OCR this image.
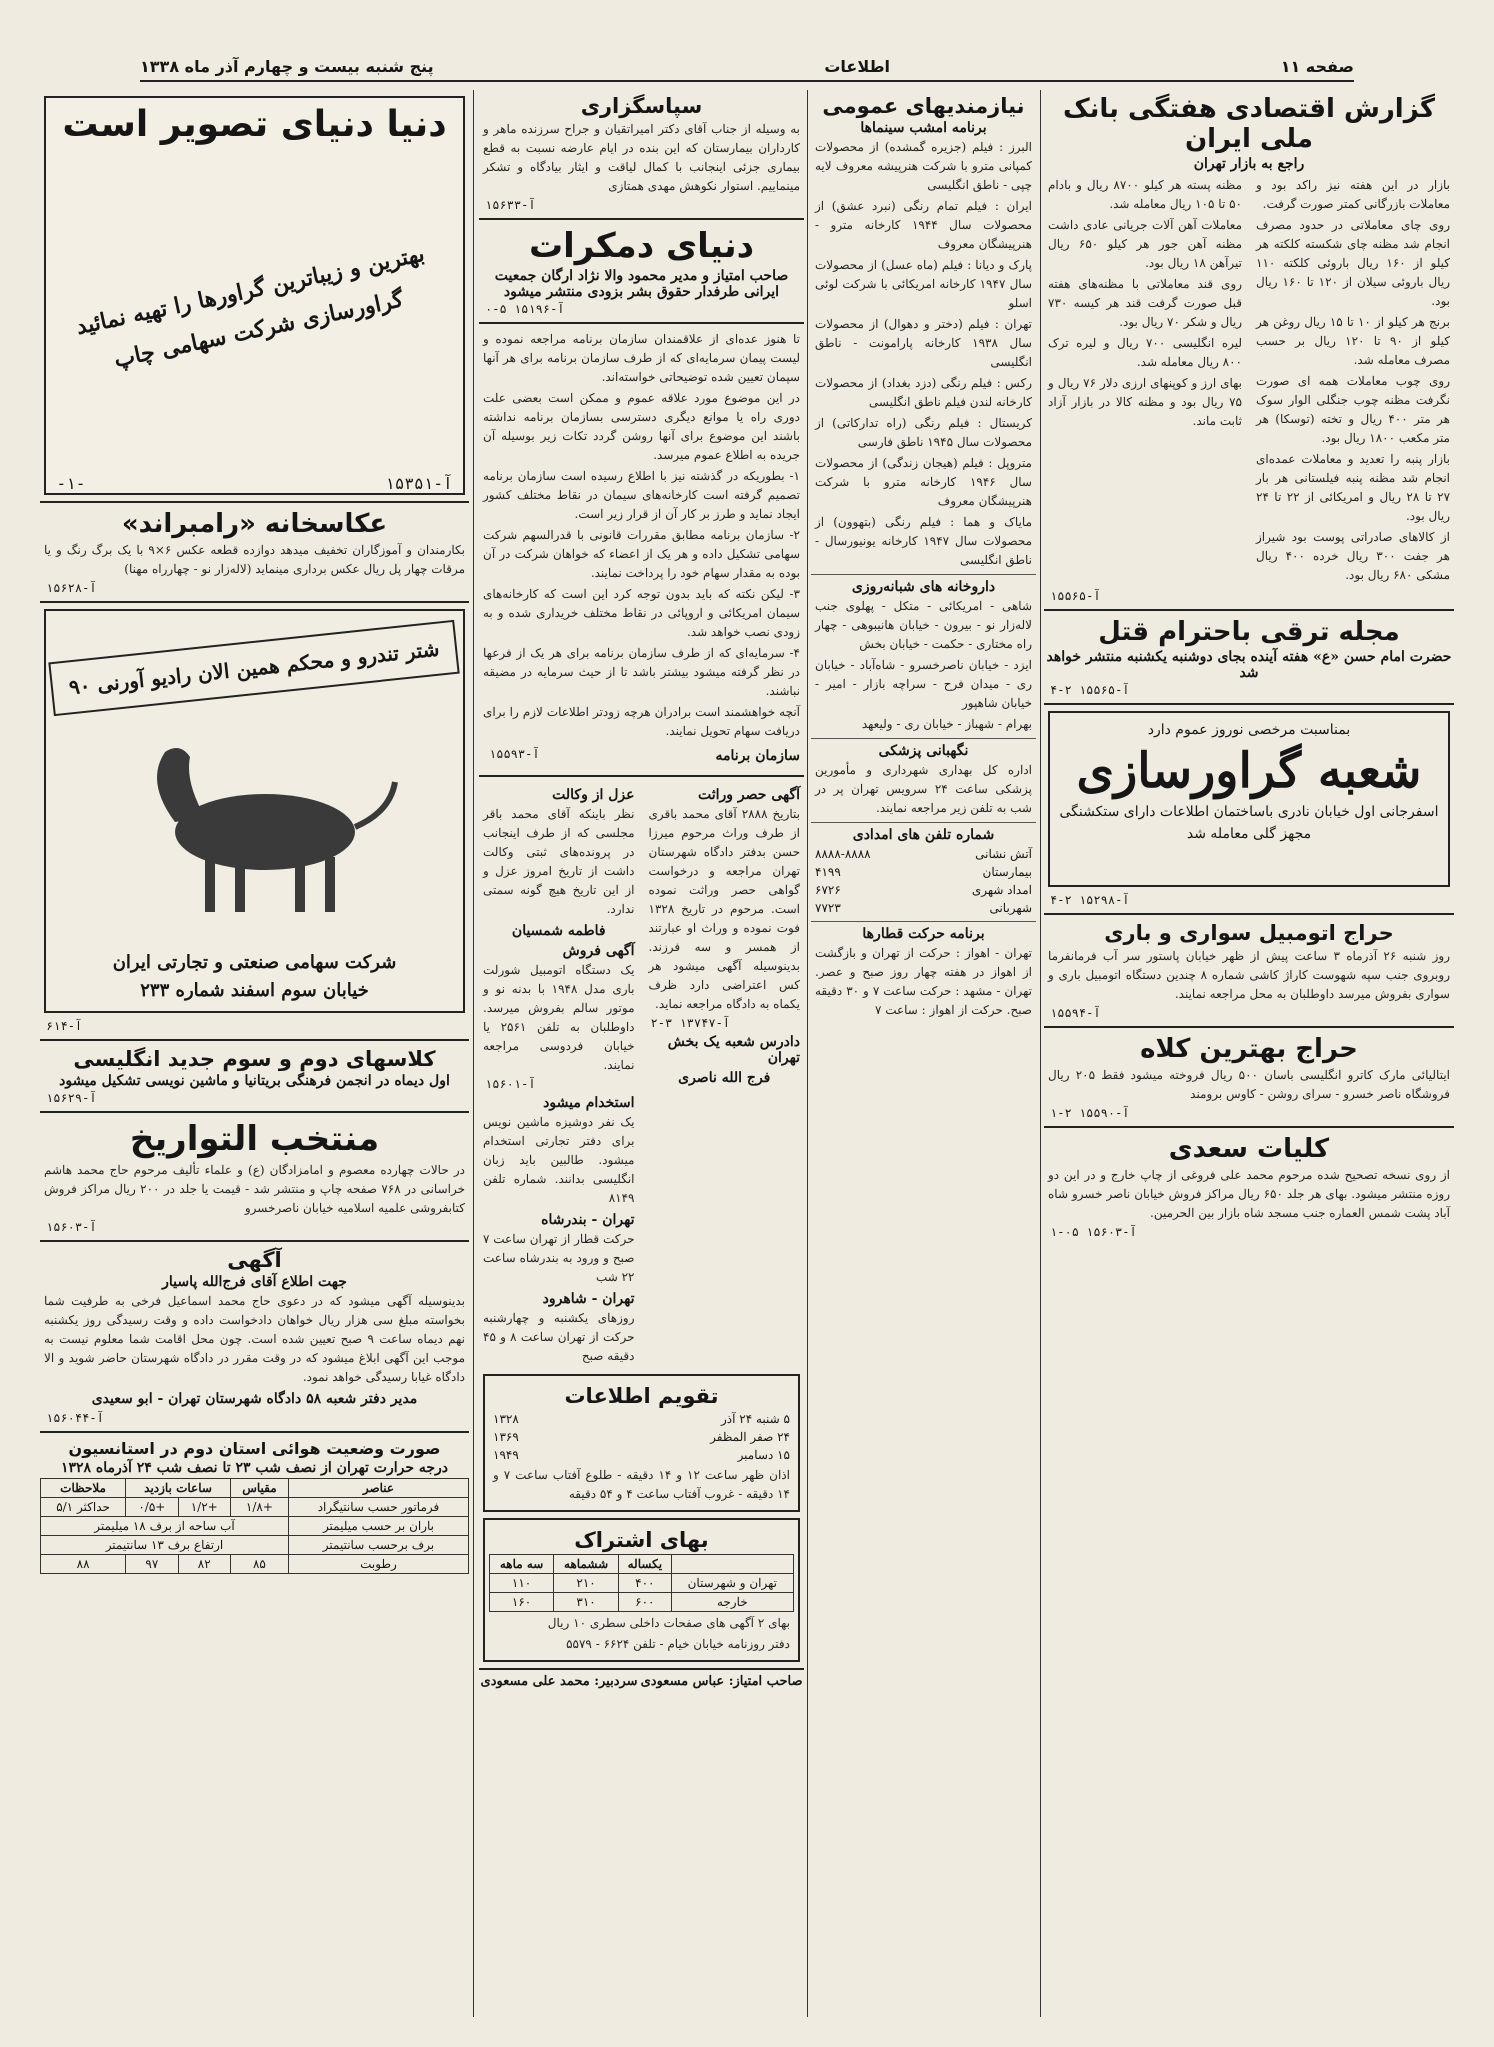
صفحه ۱۱
اطلاعات
پنج شنبه بیست و چهارم آذر ماه ۱۳۳۸
گزارش اقتصادی هفتگی بانک ملی ایران
راجع به بازار تهران

بازار در این هفته نیز راکد بود و معاملات بازرگانی کمتر صورت گرفت.

روی چای معاملاتی در حدود مصرف انجام شد مظنه چای شکسته کلکته هر کیلو از ۱۶۰ ریال باروئی کلکته ۱۱۰ ریال باروئی سیلان از ۱۲۰ تا ۱۶۰ ریال بود.

برنج هر کیلو از ۱۰ تا ۱۵ ریال روغن هر کیلو از ۹۰ تا ۱۲۰ ریال بر حسب مصرف معامله شد.

روی چوب معاملات همه ای صورت نگرفت مظنه چوب جنگلی الوار سوک هر متر ۴۰۰ ریال و تخته (توسکا) هر متر مکعب ۱۸۰۰ ریال بود.

بازار پنبه را تعدید و معاملات عمده‌ای انجام شد مظنه پنبه فیلستانی هر بار ۲۷ تا ۲۸ ریال و امریکائی از ۲۲ تا ۲۴ ریال بود.

از کالاهای صادراتی پوست بود شیراز هر جفت ۳۰۰ ریال خرده ۴۰۰ ریال مشکی ۶۸۰ ریال بود.

مظنه پسته هر کیلو ۸۷۰۰ ریال و بادام ۵۰ تا ۱۰۵ ریال معامله شد.

معاملات آهن آلات جریانی عادی داشت مظنه آهن جور هر کیلو ۶۵۰ ریال تیرآهن ۱۸ ریال بود.

روی قند معاملاتی با مظنه‌های هفته قبل صورت گرفت قند هر کیسه ۷۳۰ ریال و شکر ۷۰ ریال بود.

لیره انگلیسی ۷۰۰ ریال و لیره ترک ۸۰۰ ریال معامله شد.

بهای ارز و کوپنهای ارزی دلار ۷۶ ریال و ۷۵ ریال بود و مظنه کالا در بازار آزاد ثابت ماند.

آ-۱۵۵۶۵
مجله ترقی باحترام قتل
حضرت امام حسن «ع» هفته آینده بجای دوشنبه یکشنبه منتشر خواهد شد
آ-۱۵۵۶۵ ۲-۴
بمناسبت مرخصی نوروز عموم دارد
شعبه گراورسازی
اسفرجانی اول خیابان نادری باساختمان اطلاعات دارای ستکشنگی مجهز گلی معامله شد
آ-۱۵۲۹۸ ۲-۴
حراج اتومبیل سواری و باری

روز شنبه ۲۶ آذرماه ۳ ساعت پیش از ظهر خیابان پاستور سر آب فرمانفرما روبروی جنب سپه شهوست کاراژ کاشی شماره ۸ چندین دستگاه اتومبیل باری و سواری بفروش میرسد داوطلبان به محل مراجعه نمایند.

آ-۱۵۵۹۴
حراج بهترین کلاه

ایتالیائی مارک کاترو انگلیسی باسان ۵۰۰ ریال فروخته میشود فقط ۲۰۵ ریال فروشگاه ناصر خسرو - سرای روشن - کاوس برومند

آ-۱۵۵۹۰ ۲-۱
کلیات سعدی

از روی نسخه تصحیح شده مرحوم محمد علی فروغی از چاپ خارج و در این دو روزه منتشر میشود. بهای هر جلد ۶۵۰ ریال مراکز فروش خیابان ناصر خسرو شاه آباد پشت شمس العماره جنب مسجد شاه بازار بین الحرمین.

آ-۱۵۶۰۳ ۰۵-۱
نیازمندیهای عمومی
برنامه امشب سینماها

البرز : فیلم (جزیره گمشده) از محصولات کمپانی مترو با شرکت هنرپیشه معروف لایه چپی - ناطق انگلیسی

ایران : فیلم تمام رنگی (نبرد عشق) از محصولات سال ۱۹۴۴ کارخانه مترو - هنرپیشگان معروف

پارک و دیانا : فیلم (ماه عسل) از محصولات سال ۱۹۴۷ کارخانه امریکائی با شرکت لوئی اسلو

تهران : فیلم (دختر و دهوال) از محصولات سال ۱۹۳۸ کارخانه پارامونت - ناطق انگلیسی

رکس : فیلم رنگی (دزد بغداد) از محصولات کارخانه لندن فیلم ناطق انگلیسی

کریستال : فیلم رنگی (راه تدارکاتی) از محصولات سال ۱۹۴۵ ناطق فارسی

متروپل : فیلم (هیجان زندگی) از محصولات سال ۱۹۴۶ کارخانه مترو با شرکت هنرپیشگان معروف

مایاک و هما : فیلم رنگی (بتهوون) از محصولات سال ۱۹۴۷ کارخانه یونیورسال - ناطق انگلیسی

داروخانه های شبانه‌روزی

شاهی - امریکائی - متکل - پهلوی جنب لاله‌زار نو - بیرون - خیابان هانیبوهی - چهار راه مختاری - حکمت - خیابان بخش

ایزد - خیابان ناصرخسرو - شاه‌آباد - خیابان ری - میدان فرح - سراچه بازار - امیر - خیابان شاهپور

بهرام - شهباز - خیابان ری - ولیعهد

نگهبانی پزشکی

اداره کل بهداری شهرداری و مأمورین پزشکی ساعت ۲۴ سرویس تهران پر در شب به تلفن زیر مراجعه نمایند.

شماره تلفن های امدادی
آتش نشانی
۸۸۸۸-۸۸۸۸
بیمارستان
۴۱۹۹
امداد شهری
۶۷۲۶
شهربانی
۷۷۲۳
برنامه حرکت قطارها

تهران - اهواز : حرکت از تهران و بازگشت از اهواز در هفته چهار روز صبح و عصر. تهران - مشهد : حرکت ساعت ۷ و ۳۰ دقیقه صبح. حرکت از اهواز : ساعت ۷

سپاسگزاری

به وسیله از جناب آقای دکتر امیراتقیان و جراح سرزنده ماهر و کارداران بیمارستان که این بنده در ایام عارضه نسبت به قطع بیماری جزئی اینجانب با کمال لیاقت و ایثار بیادگاه و تشکر مینماییم. استوار نکوهش مهدی همتازی

آ-۱۵۶۳۳
دنیای دمکرات
صاحب امتیاز و مدیر محمود والا نژاد ارگان جمعیت ایرانی طرفدار حقوق بشر بزودی منتشر میشود
آ-۱۵۱۹۶ ۵-۰

تا هنوز عده‌ای از علاقمندان سازمان برنامه مراجعه نموده و لیست پیمان سرمایه‌ای که از طرف سازمان برنامه برای هر آنها سپمان تعیین شده توضیحاتی خواسته‌اند.

در این موضوع مورد علاقه عموم و ممکن است بعضی علت دوری راه یا موانع دیگری دسترسی بسازمان برنامه نداشته باشند این موضوع برای آنها روشن گردد تکات زیر بوسیله آن جریده به اطلاع عموم میرسد.

۱- بطوریکه در گذشته نیز با اطلاع رسیده است سازمان برنامه تصمیم گرفته است کارخانه‌های سیمان در نقاط مختلف کشور ایجاد نماید و طرز بر کار آن از قرار زیر است.

۲- سازمان برنامه مطابق مقررات قانونی با قدرالسهم شرکت سهامی تشکیل داده و هر یک از اعضاء که خواهان شرکت در آن بوده به مقدار سهام خود را پرداخت نمایند.

۳- لیکن نکته که باید بدون توجه کرد این است که کارخانه‌های سیمان امریکائی و اروپائی در نقاط مختلف خریداری شده و به زودی نصب خواهد شد.

۴- سرمایه‌ای که از طرف سازمان برنامه برای هر یک از فرعها در نظر گرفته میشود بیشتر باشد تا از حیث سرمایه در مضیقه نباشند.

آنچه خواهشمند است برادران هرچه زودتر اطلاعات لازم را برای دریافت سهام تحویل نمایند.

سازمان برنامه
آ-۱۵۵۹۳
آگهی حصر وراثت

بتاریخ ۲۸۸۸ آقای محمد باقری از طرف وراث مرحوم میرزا حسن بدفتر دادگاه شهرستان تهران مراجعه و درخواست گواهی حصر وراثت نموده است. مرحوم در تاریخ ۱۳۲۸ فوت نموده و وراث او عبارتند از همسر و سه فرزند. بدینوسیله آگهی میشود هر کس اعتراضی دارد ظرف یکماه به دادگاه مراجعه نماید.

آ-۱۳۷۴۷ ۳-۲
دادرس شعبه یک بخش تهران
فرج الله ناصری
عزل از وکالت

نظر باینکه آقای محمد باقر مجلسی که از طرف اینجانب در پرونده‌های ثبتی وکالت داشت از تاریخ امروز عزل و از این تاریخ هیچ گونه سمتی ندارد.

فاطمه شمسیان
آگهی فروش

یک دستگاه اتومبیل شورلت باری مدل ۱۹۴۸ با بدنه نو و موتور سالم بفروش میرسد. داوطلبان به تلفن ۲۵۶۱ یا خیابان فردوسی مراجعه نمایند.

آ-۱۵۶۰۱
استخدام میشود

یک نفر دوشیزه ماشین نویس برای دفتر تجارتی استخدام میشود. طالبین باید زبان انگلیسی بدانند. شماره تلفن ۸۱۴۹

تهران - بندرشاه

حرکت قطار از تهران ساعت ۷ صبح و ورود به بندرشاه ساعت ۲۲ شب

تهران - شاهرود

روزهای یکشنبه و چهارشنبه حرکت از تهران ساعت ۸ و ۴۵ دقیقه صبح

تقویم اطلاعات
۵ شنبه ۲۴ آذر
۱۳۲۸
۲۴ صفر المظفر
۱۳۶۹
۱۵ دسامبر
۱۹۴۹

اذان ظهر ساعت ۱۲ و ۱۴ دقیقه - طلوع آفتاب ساعت ۷ و ۱۴ دقیقه - غروب آفتاب ساعت ۴ و ۵۴ دقیقه

بهای اشتراک
	یکساله	ششماهه	سه ماهه
تهران و شهرستان	۴۰۰	۲۱۰	۱۱۰
خارجه	۶۰۰	۳۱۰	۱۶۰

بهای ۲ آگهی های صفحات داخلی سطری ۱۰ ریال

دفتر روزنامه خیابان خیام - تلفن ۶۶۲۴ - ۵۵۷۹

صاحب امتیاز: عباس مسعودی
سردبیر: محمد علی مسعودی
دنیا دنیای تصویر است
بهترین و زیباترین گراورها را تهیه نمائید گراورسازی شرکت سهامی چاپ
آ-۱۵۳۵۱
-۱-
عکاسخانه «رامبراند»

بکارمندان و آموزگاران تخفیف میدهد دوازده قطعه عکس ۶×۹ با یک برگ رنگ و یا مرقات چهار پل ریال عکس برداری مینماید (لاله‌زار نو - چهارراه مهنا)

آ-۱۵۶۲۸
شتر تندرو و محکم همین الان رادیو آورنی ۹۰
شرکت سهامی صنعتی و تجارتی ایران
خیابان سوم اسفند شماره ۲۳۳
آ-۶۱۴
کلاسهای دوم و سوم جدید انگلیسی
اول دیماه در انجمن فرهنگی بریتانیا و ماشین نویسی تشکیل میشود
آ-۱۵۶۲۹
منتخب التواریخ

در حالات چهارده معصوم و امامزادگان (ع) و علماء تألیف مرحوم حاج محمد هاشم خراسانی در ۷۶۸ صفحه چاپ و منتشر شد - قیمت یا جلد در ۲۰۰ ریال مراکز فروش کتابفروشی علمیه اسلامیه خیابان ناصرخسرو

آ-۱۵۶۰۳
آگهی
جهت اطلاع آقای فرج‌الله پاسیار

بدینوسیله آگهی میشود که در دعوی حاج محمد اسماعیل فرخی به طرفیت شما بخواسته مبلغ سی هزار ریال خواهان دادخواست داده و وقت رسیدگی روز یکشنبه نهم دیماه ساعت ۹ صبح تعیین شده است. چون محل اقامت شما معلوم نیست به موجب این آگهی ابلاغ میشود که در وقت مقرر در دادگاه شهرستان حاضر شوید و الا دادگاه غیابا رسیدگی خواهد نمود.

مدیر دفتر شعبه ۵۸ دادگاه شهرستان تهران - ابو سعیدی
آ-۱۵۶۰۴۴
صورت وضعیت هوائی استان دوم در استانسیون
درجه حرارت تهران از نصف شب ۲۳ تا نصف شب ۲۴ آذرماه ۱۳۲۸
عناصر	مقیاس	ساعات بازدید		ملاحظات
فرماتور حسب سانتیگراد	+۱/۸	+۱/۲	+۰/۵	حداکثر ۵/۱
باران بر حسب میلیمتر	آب ساحه از برف ۱۸ میلیمتر			
برف برحسب سانتیمتر	ارتفاع برف ۱۳ سانتیمتر			
رطوبت	۸۵	۸۲	۹۷	۸۸
